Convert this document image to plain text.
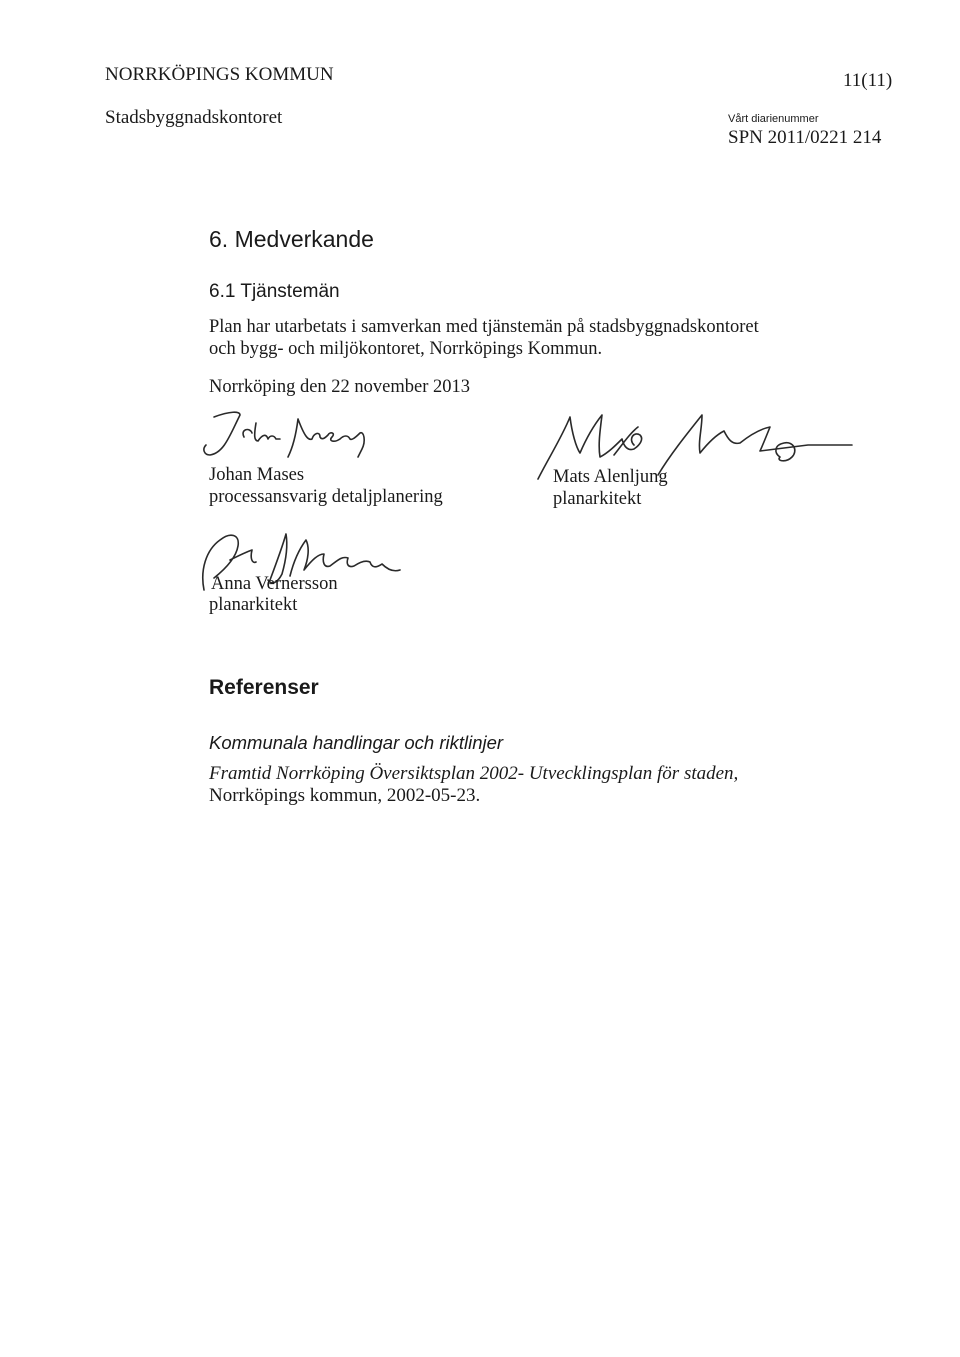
NORRKÖPINGS KOMMUN	11(11)
Stadsbyggnadskontoret	Vårt diarienummer
SPN 2011/0221 214
6. Medverkande
6.1 Tjänstemän
Plan har utarbetats i samverkan med tjänstemän på stadsbyggnadskontoret
och bygg- och miljökontoret, Norrköpings Kommun.
Norrköping den 22 november 2013
Johan Mases
processansvarig detaljplanering
Mats Alenljung
planarkitekt
Anna Vernersson
planarkitekt
Referenser
Kommunala handlingar och riktlinjer
Framtid Norrköping Översiktsplan 2002- Utvecklingsplan för staden,
Norrköpings kommun, 2002-05-23.
